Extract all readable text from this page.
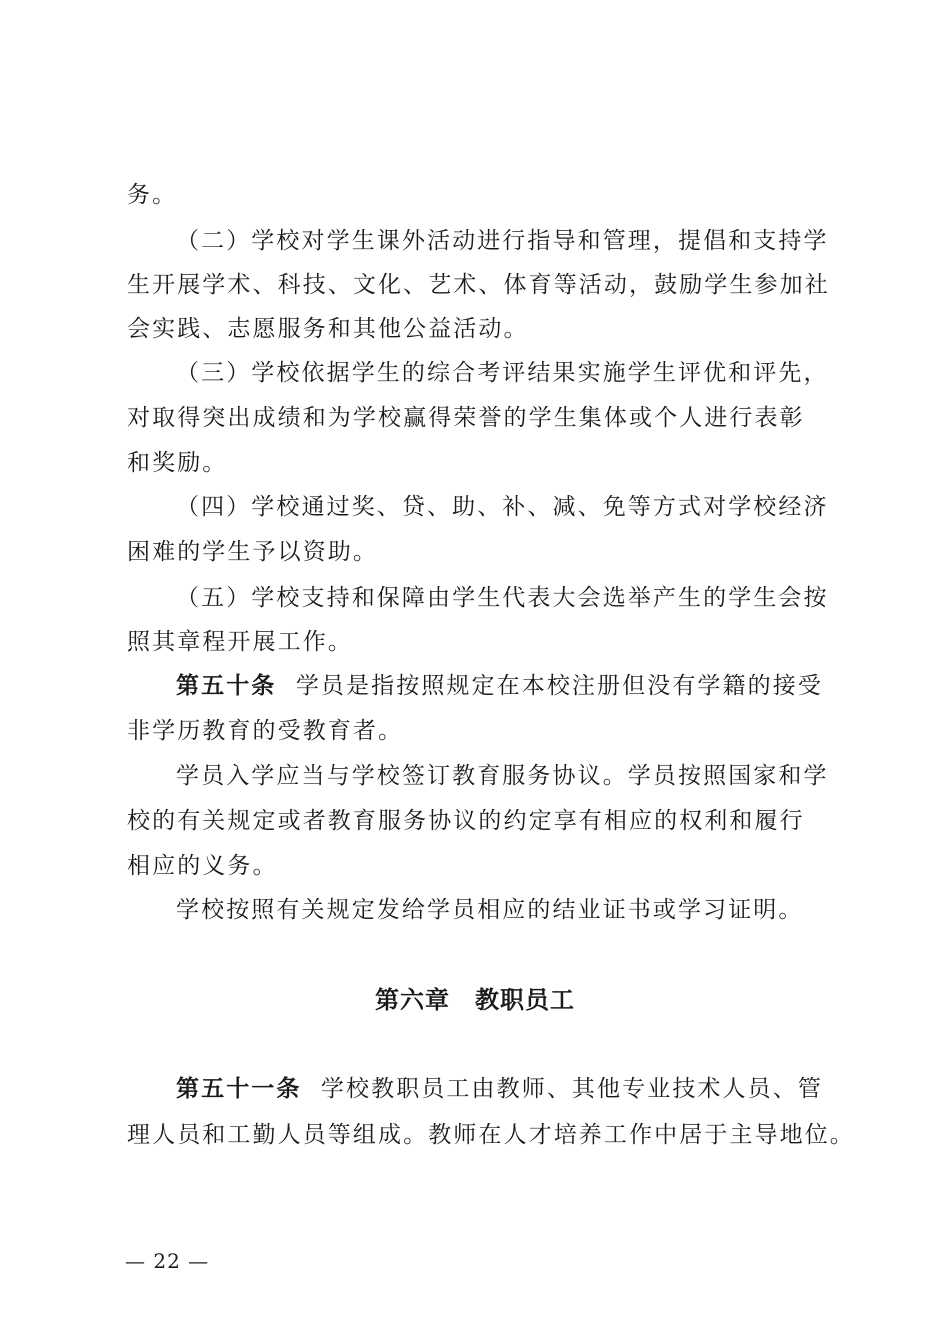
务。
（二）学校对学生课外活动进行指导和管理，提倡和支持学
生开展学术、科技、文化、艺术、体育等活动，鼓励学生参加社
会实践、志愿服务和其他公益活动。
（三）学校依据学生的综合考评结果实施学生评优和评先，
对取得突出成绩和为学校赢得荣誉的学生集体或个人进行表彰
和奖励。
（四）学校通过奖、贷、助、补、减、免等方式对学校经济
困难的学生予以资助。
（五）学校支持和保障由学生代表大会选举产生的学生会按
照其章程开展工作。
第五十条 学员是指按照规定在本校注册但没有学籍的接受
非学历教育的受教育者。
学员入学应当与学校签订教育服务协议。学员按照国家和学
校的有关规定或者教育服务协议的约定享有相应的权利和履行
相应的义务。
学校按照有关规定发给学员相应的结业证书或学习证明。
第六章　教职员工
第五十一条 学校教职员工由教师、其他专业技术人员、管
理人员和工勤人员等组成。教师在人才培养工作中居于主导地位。
— 22 —
